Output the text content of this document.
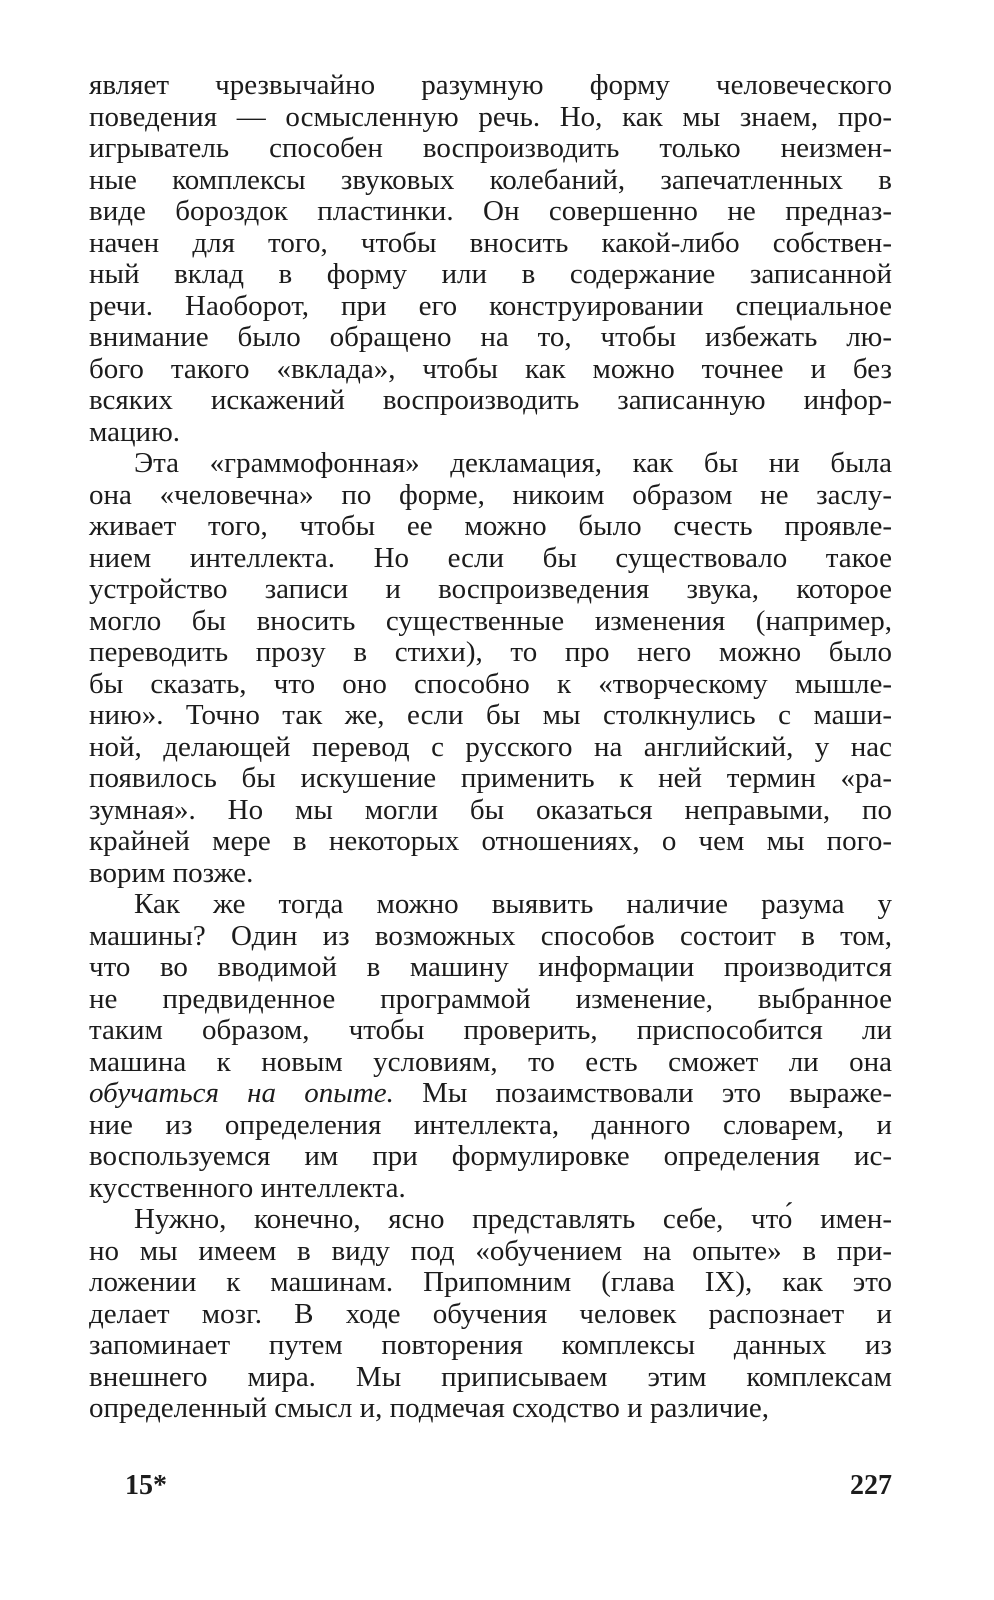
являет чрезвычайно разумную форму человеческого
поведения — осмысленную речь. Но, как мы знаем, про-
игрыватель способен воспроизводить только неизмен-
ные комплексы звуковых колебаний, запечатленных в
виде бороздок пластинки. Он совершенно не предназ-
начен для того, чтобы вносить какой-либо собствен-
ный вклад в форму или в содержание записанной
речи. Наоборот, при его конструировании специальное
внимание было обращено на то, чтобы избежать лю-
бого такого «вклада», чтобы как можно точнее и без
всяких искажений воспроизводить записанную инфор-
мацию.
Эта «граммофонная» декламация, как бы ни была
она «человечна» по форме, никоим образом не заслу-
живает того, чтобы ее можно было счесть проявле-
нием интеллекта. Но если бы существовало такое
устройство записи и воспроизведения звука, которое
могло бы вносить существенные изменения (например,
переводить прозу в стихи), то про него можно было
бы сказать, что оно способно к «творческому мышле-
нию». Точно так же, если бы мы столкнулись с маши-
ной, делающей перевод с русского на английский, у нас
появилось бы искушение применить к ней термин «ра-
зумная». Но мы могли бы оказаться неправыми, по
крайней мере в некоторых отношениях, о чем мы пого-
ворим позже.
Как же тогда можно выявить наличие разума у
машины? Один из возможных способов состоит в том,
что во вводимой в машину информации производится
не предвиденное программой изменение, выбранное
таким образом, чтобы проверить, приспособится ли
машина к новым условиям, то есть сможет ли она
обучаться на опыте. Мы позаимствовали это выраже-
ние из определения интеллекта, данного словарем, и
воспользуемся им при формулировке определения ис-
кусственного интеллекта.
Нужно, конечно, ясно представлять себе, что́ имен-
но мы имеем в виду под «обучением на опыте» в при-
ложении к машинам. Припомним (глава IX), как это
делает мозг. В ходе обучения человек распознает и
запоминает путем повторения комплексы данных из
внешнего мира. Мы приписываем этим комплексам
определенный смысл и, подмечая сходство и различие,
15*	227
